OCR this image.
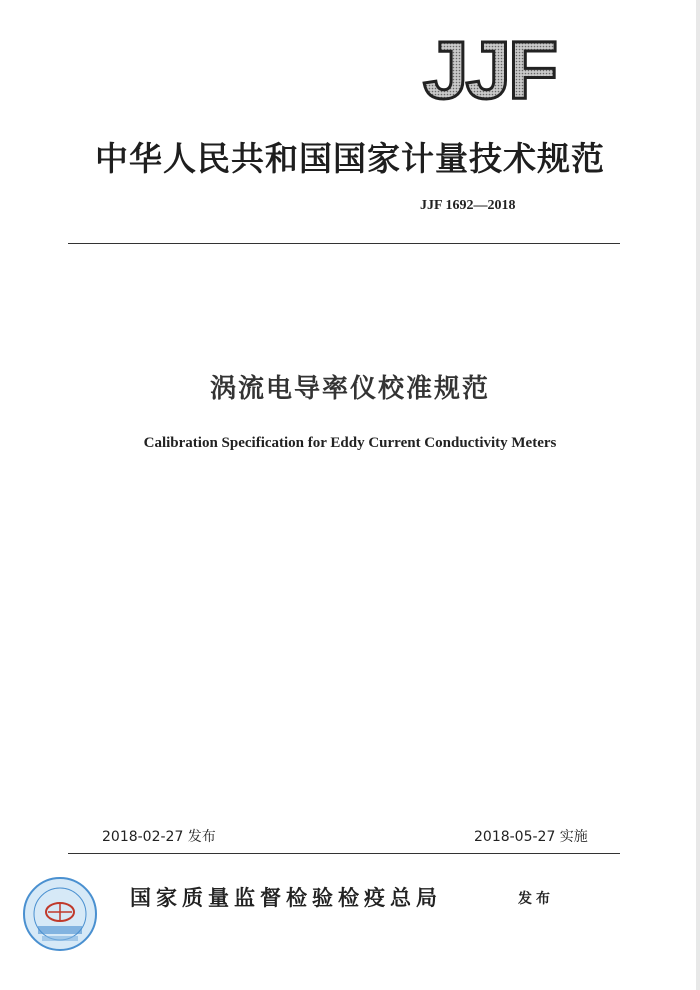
JJF
中华人民共和国国家计量技术规范
JJF 1692—2018
涡流电导率仪校准规范
Calibration Specification for Eddy Current Conductivity Meters
2018-02-27 发布	2018-05-27 实施
国家质量监督检验检疫总局	发布
